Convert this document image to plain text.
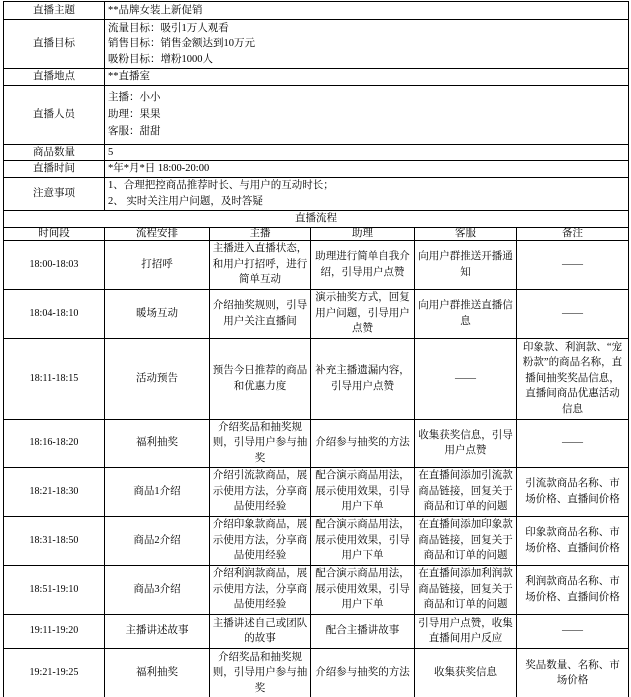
直播主题	**品牌女装上新促销				
直播目标	流量目标：吸引1万人观看
销售目标：销售金额达到10万元
吸粉目标：增粉1000人				

直播地点	**直播室				
直播人员	主播：小小
助理：果果
客服：甜甜				

商品数量	5				
直播时间	*年*月*日 18:00-20:00				
注意事项	1、合理把控商品推荐时长、与用户的互动时长；
2、 实时关注用户问题，及时答疑				

直播流程					
时间段	流程安排	主播	助理	客服	备注
18:00-18:03	打招呼	主播进入直播状态，和用户打招呼，进行简单互动	助理进行简单自我介绍，引导用户点赞	向用户群推送开播通知	——
18:04-18:10	暖场互动	介绍抽奖规则，引导用户关注直播间	演示抽奖方式，回复用户问题，引导用户点赞	向用户群推送直播信息	——
18:11-18:15	活动预告	预告今日推荐的商品和优惠力度	补充主播遗漏内容，引导用户点赞	——	印象款、利润款、“宠粉款”的商品名称，直播间抽奖奖品信息，直播间商品优惠活动信息
18:16-18:20	福利抽奖	介绍奖品和抽奖规则，引导用户参与抽奖	介绍参与抽奖的方法	收集获奖信息，引导用户点赞	——
18:21-18:30	商品1介绍	介绍引流款商品，展示使用方法，分享商品使用经验	配合演示商品用法，展示使用效果，引导用户下单	在直播间添加引流款商品链接，回复关于商品和订单的问题	引流款商品名称、市场价格、直播间价格
18:31-18:50	商品2介绍	介绍印象款商品，展示使用方法，分享商品使用经验	配合演示商品用法，展示使用效果，引导用户下单	在直播间添加印象款商品链接，回复关于商品和订单的问题	印象款商品名称、市场价格、直播间价格
18:51-19:10	商品3介绍	介绍利润款商品，展示使用方法，分享商品使用经验	配合演示商品用法，展示使用效果，引导用户下单	在直播间添加利润款商品链接，回复关于商品和订单的问题	利润款商品名称、市场价格、直播间价格
19:11-19:20	主播讲述故事	主播讲述自己或团队的故事	配合主播讲故事	引导用户点赞，收集直播间用户反应	——
19:21-19:25	福利抽奖	介绍奖品和抽奖规则，引导用户参与抽奖	介绍参与抽奖的方法	收集获奖信息	奖品数量、名称、市场价格
